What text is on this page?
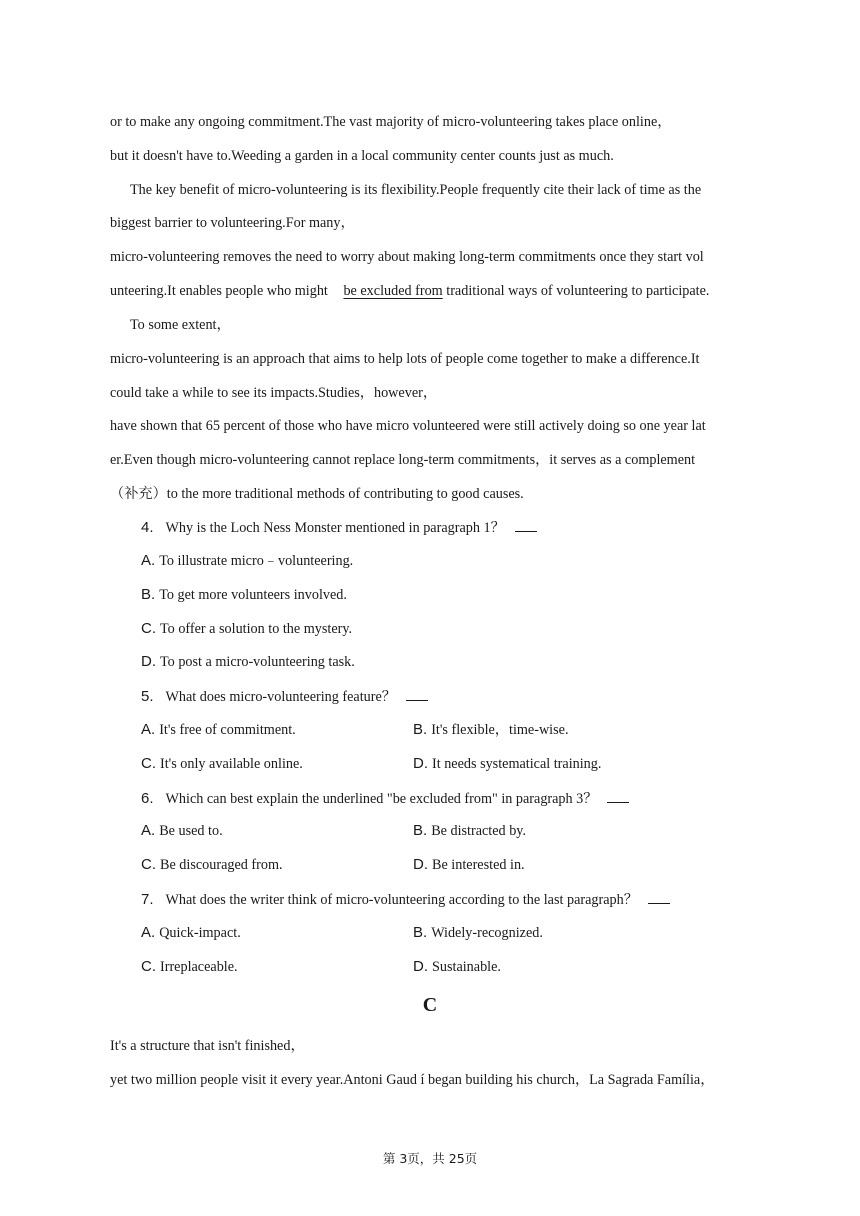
or to make any ongoing commitment.The vast majority of micro-volunteering takes place online，
but it doesn't have to.Weeding a garden in a local community center counts just as much.
The key benefit of micro-volunteering is its flexibility.People frequently cite their lack of time as the
biggest barrier to volunteering.For many，
micro-volunteering removes the need to worry about making long-term commitments once they start vol
unteering.It enables people who might be excluded from traditional ways of volunteering to participate.
To some extent，
micro-volunteering is an approach that aims to help lots of people come together to make a difference.It
could take a while to see its impacts.Studies，however，
have shown that 65 percent of those who have micro volunteered were still actively doing so one year lat
er.Even though micro-volunteering cannot replace long-term commitments，it serves as a complement
（补充）to the more traditional methods of contributing to good causes.
4. Why is the Loch Ness Monster mentioned in paragraph 1？
A. To illustrate micro﹣volunteering.
B. To get more volunteers involved.
C. To offer a solution to the mystery.
D. To post a micro-volunteering task.
5. What does micro-volunteering feature？
A. It's free of commitment.	B. It's flexible，time-wise.
C. It's only available online.	D. It needs systematical training.
6. Which can best explain the underlined "be excluded from" in paragraph 3？
A. Be used to.	B. Be distracted by.
C. Be discouraged from.	D. Be interested in.
7. What does the writer think of micro-volunteering according to the last paragraph？
A. Quick-impact.	B. Widely-recognized.
C. Irreplaceable.	D. Sustainable.
C
It's a structure that isn't finished，
yet two million people visit it every year.Antoni Gaud í began building his church，La Sagrada Família，
第 3页，共 25页
